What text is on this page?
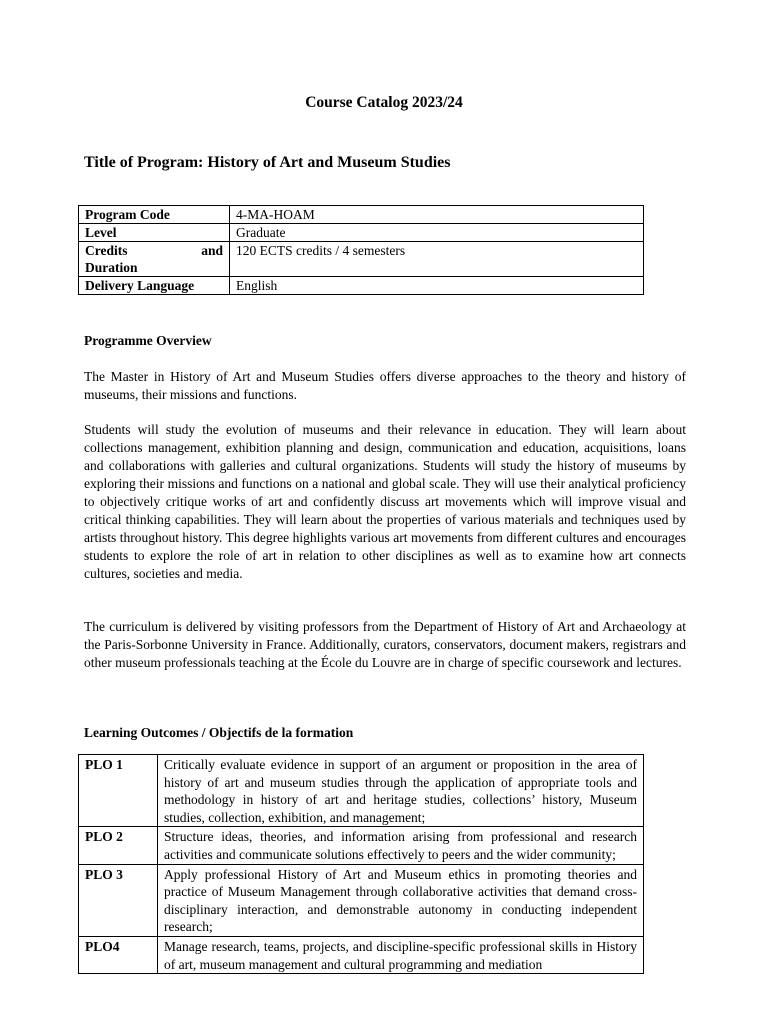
Course Catalog 2023/24
Title of Program: History of Art and Museum Studies
Program Code	4-MA-HOAM
Level	Graduate

Credits and
Duration	120 ECTS credits / 4 semesters
Delivery Language	English
Programme Overview

The Master in History of Art and Museum Studies offers diverse approaches to the theory and history of museums, their missions and functions.

Students will study the evolution of museums and their relevance in education. They will learn about collections management, exhibition planning and design, communication and education, acquisitions, loans and collaborations with galleries and cultural organizations. Students will study the history of museums by exploring their missions and functions on a national and global scale. They will use their analytical proficiency to objectively critique works of art and confidently discuss art movements which will improve visual and critical thinking capabilities. They will learn about the properties of various materials and techniques used by artists throughout history. This degree highlights various art movements from different cultures and encourages students to explore the role of art in relation to other disciplines as well as to examine how art connects cultures, societies and media.

The curriculum is delivered by visiting professors from the Department of History of Art and Archaeology at the Paris-Sorbonne University in France. Additionally, curators, conservators, document makers, registrars and other museum professionals teaching at the École du Louvre are in charge of specific coursework and lectures.

Learning Outcomes / Objectifs de la formation
PLO 1	Critically evaluate evidence in support of an argument or proposition in the area of history of art and museum studies through the application of appropriate tools and methodology in history of art and heritage studies, collections’ history, Museum studies, collection, exhibition, and management;
PLO 2	Structure ideas, theories, and information arising from professional and research activities and communicate solutions effectively to peers and the wider community;
PLO 3	Apply professional History of Art and Museum ethics in promoting theories and practice of Museum Management through collaborative activities that demand cross-disciplinary interaction, and demonstrable autonomy in conducting independent research;
PLO4	Manage research, teams, projects, and discipline-specific professional skills in History of art, museum management and cultural programming and mediation
